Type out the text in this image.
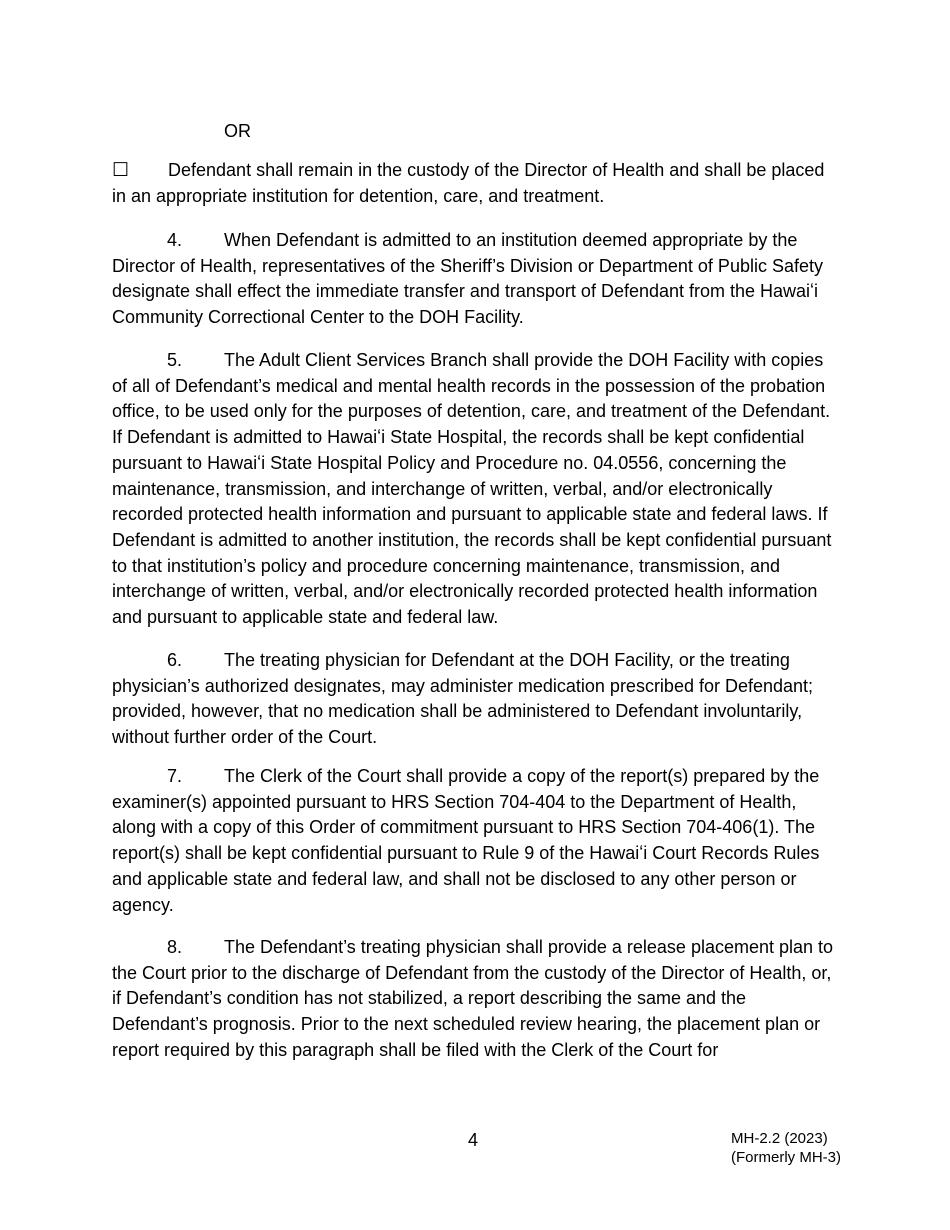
OR

☐ Defendant shall remain in the custody of the Director of Health and shall be placed in an appropriate institution for detention, care, and treatment.

4. When Defendant is admitted to an institution deemed appropriate by the Director of Health, representatives of the Sheriff’s Division or Department of Public Safety designate shall effect the immediate transfer and transport of Defendant from the Hawaiʻi Community Correctional Center to the DOH Facility.

5. The Adult Client Services Branch shall provide the DOH Facility with copies of all of Defendant’s medical and mental health records in the possession of the probation office, to be used only for the purposes of detention, care, and treatment of the Defendant. If Defendant is admitted to Hawaiʻi State Hospital, the records shall be kept confidential pursuant to Hawaiʻi State Hospital Policy and Procedure no. 04.0556, concerning the maintenance, transmission, and interchange of written, verbal, and/or electronically recorded protected health information and pursuant to applicable state and federal laws. If Defendant is admitted to another institution, the records shall be kept confidential pursuant to that institution’s policy and procedure concerning maintenance, transmission, and interchange of written, verbal, and/or electronically recorded protected health information and pursuant to applicable state and federal law.

6. The treating physician for Defendant at the DOH Facility, or the treating physician’s authorized designates, may administer medication prescribed for Defendant; provided, however, that no medication shall be administered to Defendant involuntarily, without further order of the Court.

7. The Clerk of the Court shall provide a copy of the report(s) prepared by the examiner(s) appointed pursuant to HRS Section 704-404 to the Department of Health, along with a copy of this Order of commitment pursuant to HRS Section 704-406(1). The report(s) shall be kept confidential pursuant to Rule 9 of the Hawaiʻi Court Records Rules and applicable state and federal law, and shall not be disclosed to any other person or agency.

8. The Defendant’s treating physician shall provide a release placement plan to the Court prior to the discharge of Defendant from the custody of the Director of Health, or, if Defendant’s condition has not stabilized, a report describing the same and the Defendant’s prognosis. Prior to the next scheduled review hearing, the placement plan or report required by this paragraph shall be filed with the Clerk of the Court for

4	MH-2.2 (2023)
(Formerly MH-3)
